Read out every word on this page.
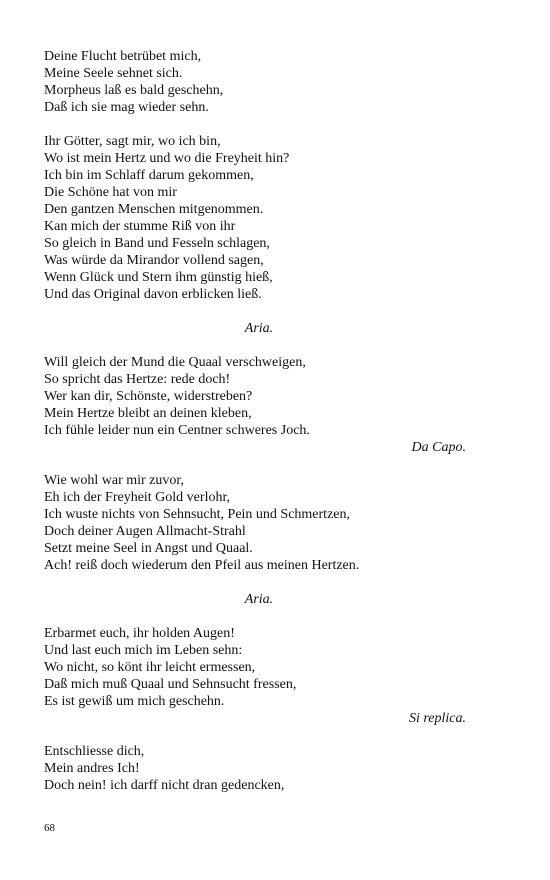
Deine Flucht betrübet mich,
Meine Seele sehnet sich.
Morpheus laß es bald geschehn,
Daß ich sie mag wieder sehn.
Ihr Götter, sagt mir, wo ich bin,
Wo ist mein Hertz und wo die Freyheit hin?
Ich bin im Schlaff darum gekommen,
Die Schöne hat von mir
Den gantzen Menschen mitgenommen.
Kan mich der stumme Riß von ihr
So gleich in Band und Fesseln schlagen,
Was würde da Mirandor vollend sagen,
Wenn Glück und Stern ihm günstig hieß,
Und das Original davon erblicken ließ.
Aria.
Will gleich der Mund die Quaal verschweigen,
So spricht das Hertze: rede doch!
Wer kan dir, Schönste, widerstreben?
Mein Hertze bleibt an deinen kleben,
Ich fühle leider nun ein Centner schweres Joch.
Da Capo.
Wie wohl war mir zuvor,
Eh ich der Freyheit Gold verlohr,
Ich wuste nichts von Sehnsucht, Pein und Schmertzen,
Doch deiner Augen Allmacht-Strahl
Setzt meine Seel in Angst und Quaal.
Ach! reiß doch wiederum den Pfeil aus meinen Hertzen.
Aria.
Erbarmet euch, ihr holden Augen!
Und last euch mich im Leben sehn:
Wo nicht, so könt ihr leicht ermessen,
Daß mich muß Quaal und Sehnsucht fressen,
Es ist gewiß um mich geschehn.
Si replica.
Entschliesse dich,
Mein andres Ich!
Doch nein! ich darff nicht dran gedencken,
68
